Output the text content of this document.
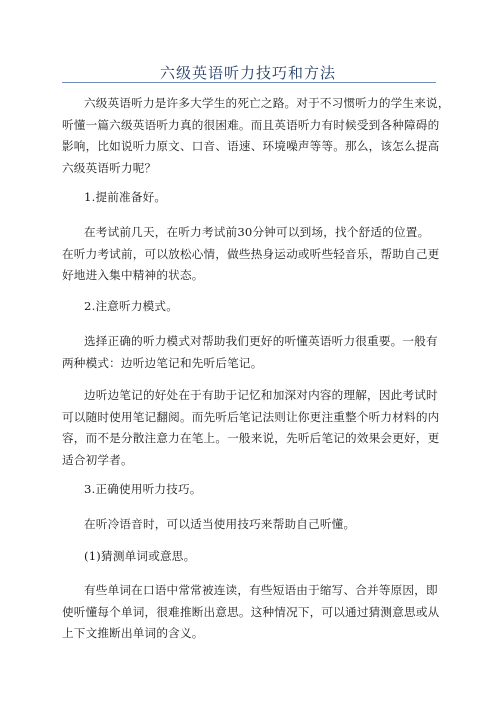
六级英语听力技巧和方法
六级英语听力是许多大学生的死亡之路。对于不习惯听力的学生来说，
听懂一篇六级英语听力真的很困难。而且英语听力有时候受到各种障碍的
影响，比如说听力原文、口音、语速、环境噪声等等。那么，该怎么提高
六级英语听力呢？
1.提前准备好。
在考试前几天，在听力考试前30分钟可以到场，找个舒适的位置。
在听力考试前，可以放松心情，做些热身运动或听些轻音乐，帮助自己更
好地进入集中精神的状态。
2.注意听力模式。
选择正确的听力模式对帮助我们更好的听懂英语听力很重要。一般有
两种模式：边听边笔记和先听后笔记。
边听边笔记的好处在于有助于记忆和加深对内容的理解，因此考试时
可以随时使用笔记翻阅。而先听后笔记法则让你更注重整个听力材料的内
容，而不是分散注意力在笔上。一般来说，先听后笔记的效果会更好，更
适合初学者。
3.正确使用听力技巧。
在听冷语音时，可以适当使用技巧来帮助自己听懂。
(1)猜测单词或意思。
有些单词在口语中常常被连读，有些短语由于缩写、合并等原因，即
使听懂每个单词，很难推断出意思。这种情况下，可以通过猜测意思或从
上下文推断出单词的含义。
